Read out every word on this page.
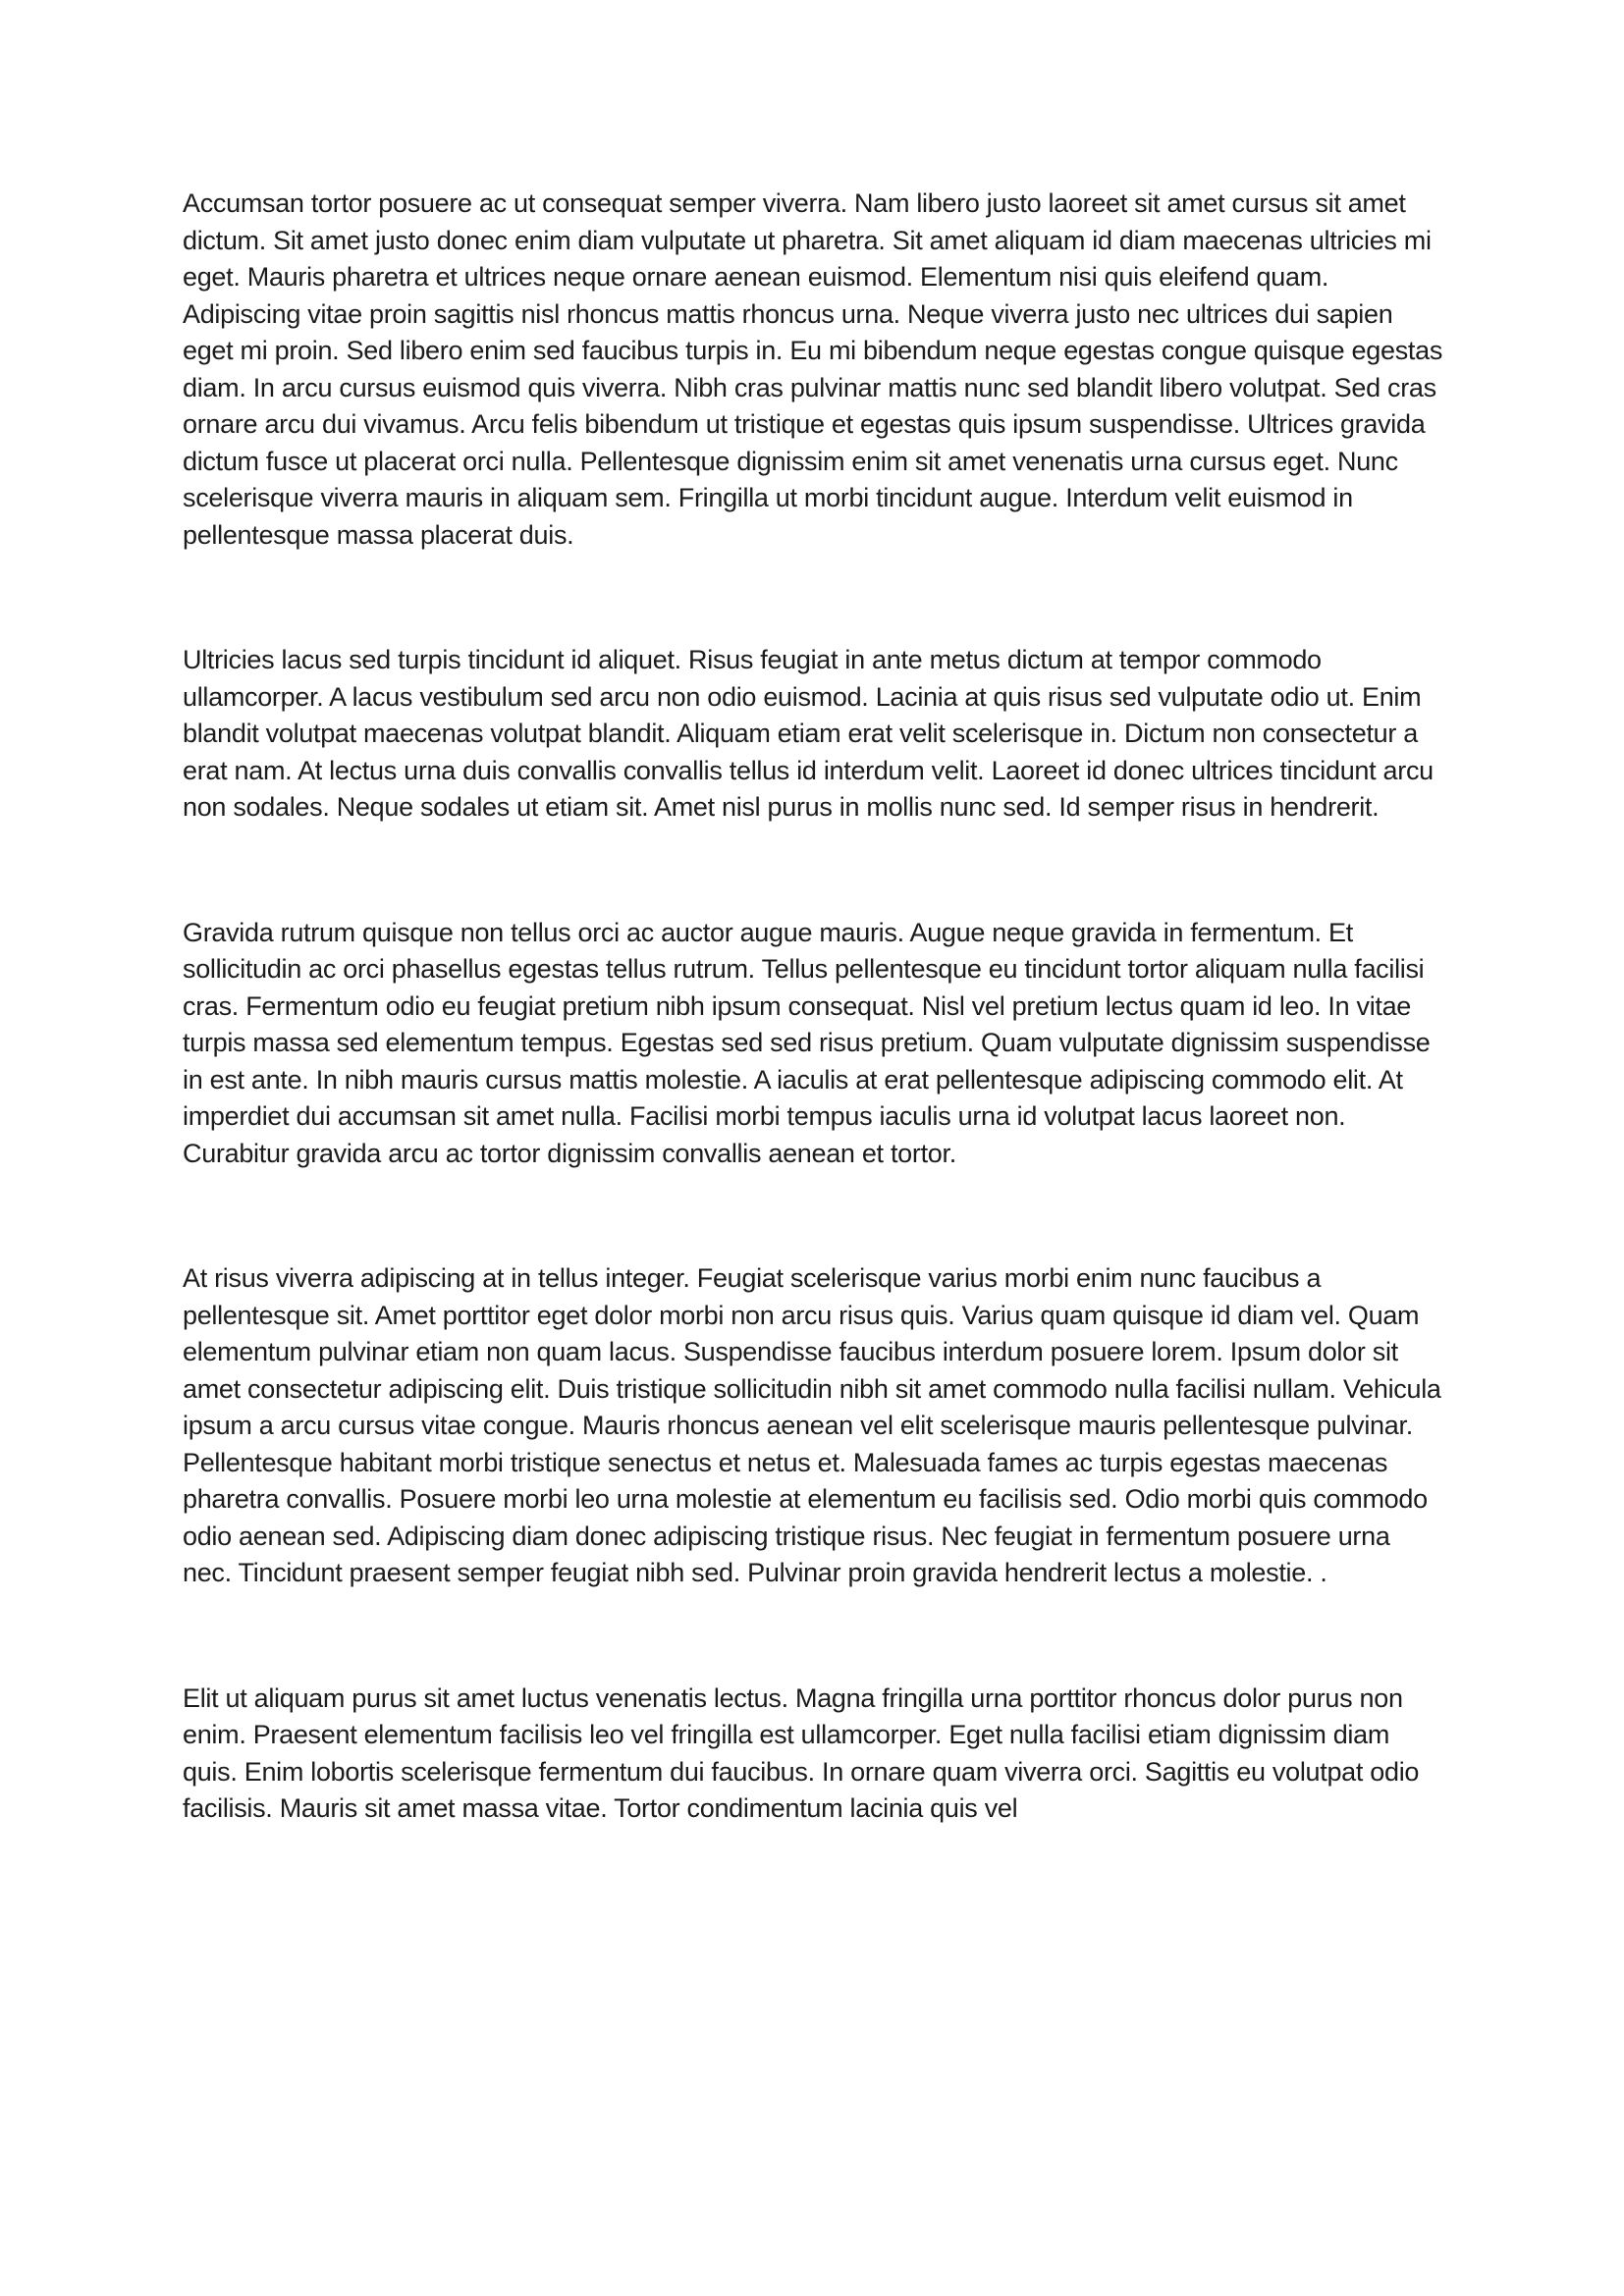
Accumsan tortor posuere ac ut consequat semper viverra. Nam libero justo laoreet sit amet cursus sit amet dictum. Sit amet justo donec enim diam vulputate ut pharetra. Sit amet aliquam id diam maecenas ultricies mi eget. Mauris pharetra et ultrices neque ornare aenean euismod. Elementum nisi quis eleifend quam. Adipiscing vitae proin sagittis nisl rhoncus mattis rhoncus urna. Neque viverra justo nec ultrices dui sapien eget mi proin. Sed libero enim sed faucibus turpis in. Eu mi bibendum neque egestas congue quisque egestas diam. In arcu cursus euismod quis viverra. Nibh cras pulvinar mattis nunc sed blandit libero volutpat. Sed cras ornare arcu dui vivamus. Arcu felis bibendum ut tristique et egestas quis ipsum suspendisse. Ultrices gravida dictum fusce ut placerat orci nulla. Pellentesque dignissim enim sit amet venenatis urna cursus eget. Nunc scelerisque viverra mauris in aliquam sem. Fringilla ut morbi tincidunt augue. Interdum velit euismod in pellentesque massa placerat duis.

Ultricies lacus sed turpis tincidunt id aliquet. Risus feugiat in ante metus dictum at tempor commodo ullamcorper. A lacus vestibulum sed arcu non odio euismod. Lacinia at quis risus sed vulputate odio ut. Enim blandit volutpat maecenas volutpat blandit. Aliquam etiam erat velit scelerisque in. Dictum non consectetur a erat nam. At lectus urna duis convallis convallis tellus id interdum velit. Laoreet id donec ultrices tincidunt arcu non sodales. Neque sodales ut etiam sit. Amet nisl purus in mollis nunc sed. Id semper risus in hendrerit.

Gravida rutrum quisque non tellus orci ac auctor augue mauris. Augue neque gravida in fermentum. Et sollicitudin ac orci phasellus egestas tellus rutrum. Tellus pellentesque eu tincidunt tortor aliquam nulla facilisi cras. Fermentum odio eu feugiat pretium nibh ipsum consequat. Nisl vel pretium lectus quam id leo. In vitae turpis massa sed elementum tempus. Egestas sed sed risus pretium. Quam vulputate dignissim suspendisse in est ante. In nibh mauris cursus mattis molestie. A iaculis at erat pellentesque adipiscing commodo elit. At imperdiet dui accumsan sit amet nulla. Facilisi morbi tempus iaculis urna id volutpat lacus laoreet non. Curabitur gravida arcu ac tortor dignissim convallis aenean et tortor.

At risus viverra adipiscing at in tellus integer. Feugiat scelerisque varius morbi enim nunc faucibus a pellentesque sit. Amet porttitor eget dolor morbi non arcu risus quis. Varius quam quisque id diam vel. Quam elementum pulvinar etiam non quam lacus. Suspendisse faucibus interdum posuere lorem. Ipsum dolor sit amet consectetur adipiscing elit. Duis tristique sollicitudin nibh sit amet commodo nulla facilisi nullam. Vehicula ipsum a arcu cursus vitae congue. Mauris rhoncus aenean vel elit scelerisque mauris pellentesque pulvinar. Pellentesque habitant morbi tristique senectus et netus et. Malesuada fames ac turpis egestas maecenas pharetra convallis. Posuere morbi leo urna molestie at elementum eu facilisis sed. Odio morbi quis commodo odio aenean sed. Adipiscing diam donec adipiscing tristique risus. Nec feugiat in fermentum posuere urna nec. Tincidunt praesent semper feugiat nibh sed. Pulvinar proin gravida hendrerit lectus a molestie. .

Elit ut aliquam purus sit amet luctus venenatis lectus. Magna fringilla urna porttitor rhoncus dolor purus non enim. Praesent elementum facilisis leo vel fringilla est ullamcorper. Eget nulla facilisi etiam dignissim diam quis. Enim lobortis scelerisque fermentum dui faucibus. In ornare quam viverra orci. Sagittis eu volutpat odio facilisis. Mauris sit amet massa vitae. Tortor condimentum lacinia quis vel
